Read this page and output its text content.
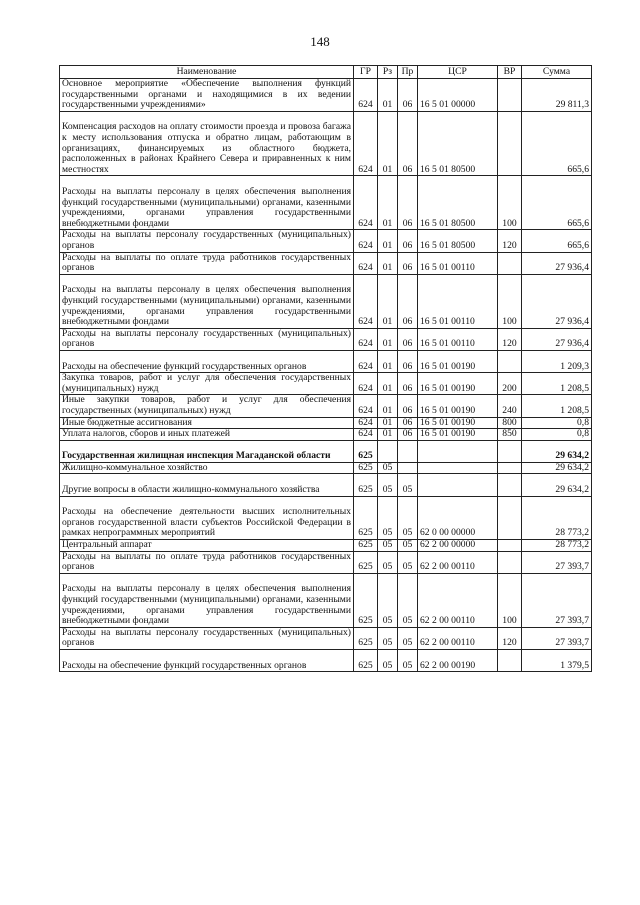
148
Наименование	ГР	Рз	Пр	ЦСР	ВР	Сумма
Основное мероприятие «Обеспечение выполнения функций государственными органами и находящимися в их ведении государственными учреждениями»	624	01	06	16 5 01 00000		29 811,3
Компенсация расходов на оплату стоимости проезда и провоза багажа к месту использования отпуска и обратно лицам, работающим в организациях, финансируемых из областного бюджета, расположенных в районах Крайнего Севера и приравненных к ним местностях	624	01	06	16 5 01 80500		665,6
Расходы на выплаты персоналу в целях обеспечения выполнения функций государственными (муниципальными) органами, казенными учреждениями, органами управления государственными внебюджетными фондами	624	01	06	16 5 01 80500	100	665,6
Расходы на выплаты персоналу государственных (муниципальных) органов	624	01	06	16 5 01 80500	120	665,6
Расходы на выплаты по оплате труда работников государственных органов	624	01	06	16 5 01 00110		27 936,4
Расходы на выплаты персоналу в целях обеспечения выполнения функций государственными (муниципальными) органами, казенными учреждениями, органами управления государственными внебюджетными фондами	624	01	06	16 5 01 00110	100	27 936,4
Расходы на выплаты персоналу государственных (муниципальных) органов	624	01	06	16 5 01 00110	120	27 936,4
Расходы на обеспечение функций государственных органов	624	01	06	16 5 01 00190		1 209,3
Закупка товаров, работ и услуг для обеспечения государственных (муниципальных) нужд	624	01	06	16 5 01 00190	200	1 208,5
Иные закупки товаров, работ и услуг для обеспечения государственных (муниципальных) нужд	624	01	06	16 5 01 00190	240	1 208,5
Иные бюджетные ассигнования	624	01	06	16 5 01 00190	800	0,8
Уплата налогов, сборов и иных платежей	624	01	06	16 5 01 00190	850	0,8
Государственная жилищная инспекция Магаданской области	625					29 634,2
Жилищно-коммунальное хозяйство	625	05				29 634,2
Другие вопросы в области жилищно-коммунального хозяйства	625	05	05			29 634,2
Расходы на обеспечение деятельности высших исполнительных органов государственной власти субъектов Российской Федерации в рамках непрограммных мероприятий	625	05	05	62 0 00 00000		28 773,2
Центральный аппарат	625	05	05	62 2 00 00000		28 773,2
Расходы на выплаты по оплате труда работников государственных органов	625	05	05	62 2 00 00110		27 393,7
Расходы на выплаты персоналу в целях обеспечения выполнения функций государственными (муниципальными) органами, казенными учреждениями, органами управления государственными внебюджетными фондами	625	05	05	62 2 00 00110	100	27 393,7
Расходы на выплаты персоналу государственных (муниципальных) органов	625	05	05	62 2 00 00110	120	27 393,7
Расходы на обеспечение функций государственных органов	625	05	05	62 2 00 00190		1 379,5
